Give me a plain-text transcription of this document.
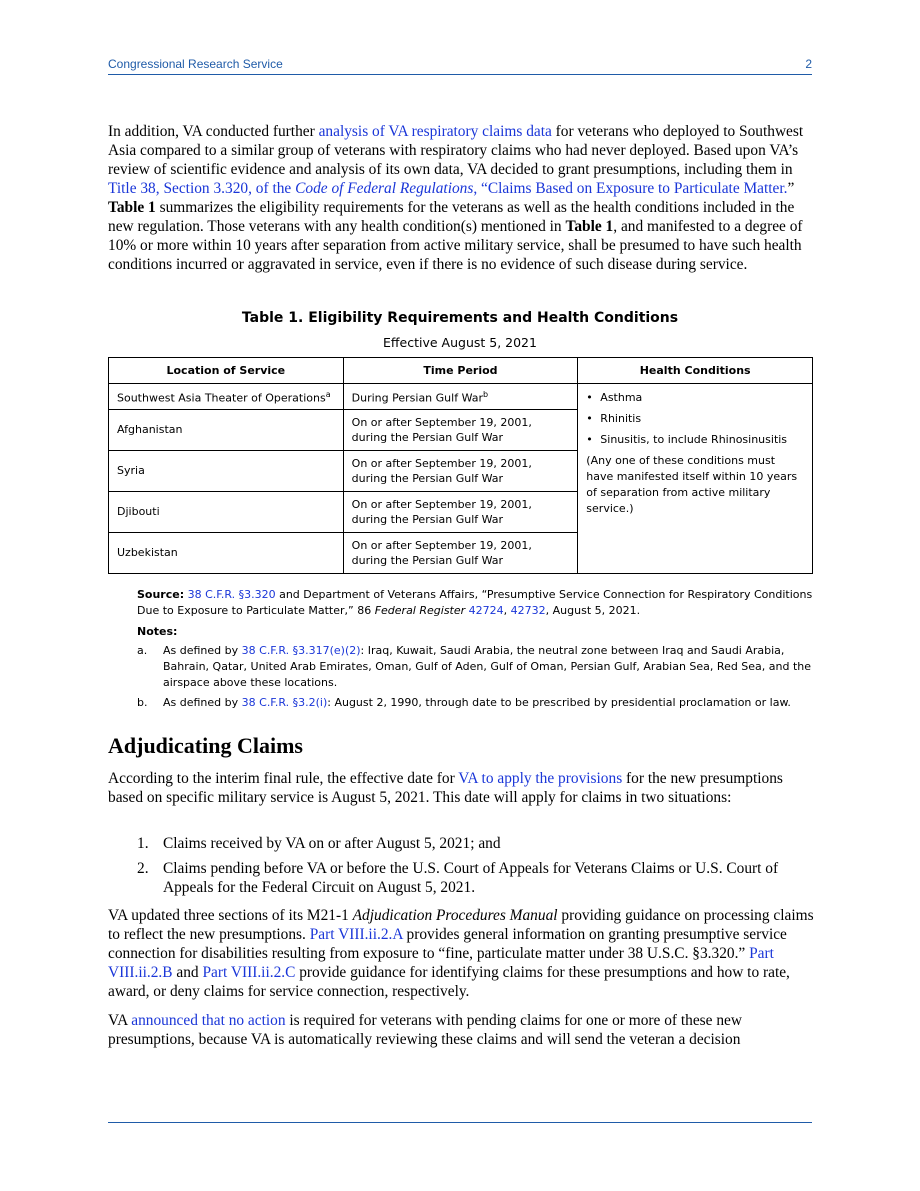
Congressional Research Service	2

In addition, VA conducted further analysis of VA respiratory claims data for veterans who deployed to Southwest Asia compared to a similar group of veterans with respiratory claims who had never deployed. Based upon VA’s review of scientific evidence and analysis of its own data, VA decided to grant presumptions, including them in Title 38, Section 3.320, of the Code of Federal Regulations, “Claims Based on Exposure to Particulate Matter.” Table 1 summarizes the eligibility requirements for the veterans as well as the health conditions included in the new regulation. Those veterans with any health condition(s) mentioned in Table 1, and manifested to a degree of 10% or more within 10 years after separation from active military service, shall be presumed to have such health conditions incurred or aggravated in service, even if there is no evidence of such disease during service.

Table 1. Eligibility Requirements and Health Conditions
Effective August 5, 2021
Location of Service	Time Period	Health Conditions
Southwest Asia Theater of Operations$^a$	During Persian Gulf War$^b$	• Asthma
• Rhinitis
• Sinusitis, to include Rhinosinusitis
(Any one of these conditions must have manifested itself within 10 years of separation from active military service.)

Afghanistan	On or after September 19, 2001, during the Persian Gulf War	
Syria	On or after September 19, 2001, during the Persian Gulf War	
Djibouti	On or after September 19, 2001, during the Persian Gulf War	
Uzbekistan	On or after September 19, 2001, during the Persian Gulf War	
Source: 38 C.F.R. §3.320 and Department of Veterans Affairs, “Presumptive Service Connection for Respiratory Conditions Due to Exposure to Particulate Matter,” 86 Federal Register 42724, 42732, August 5, 2021.
Notes:
a. As defined by 38 C.F.R. §3.317(e)(2): Iraq, Kuwait, Saudi Arabia, the neutral zone between Iraq and Saudi Arabia, Bahrain, Qatar, United Arab Emirates, Oman, Gulf of Aden, Gulf of Oman, Persian Gulf, Arabian Sea, Red Sea, and the airspace above these locations.
b. As defined by 38 C.F.R. §3.2(i): August 2, 1990, through date to be prescribed by presidential proclamation or law.
Adjudicating Claims

According to the interim final rule, the effective date for VA to apply the provisions for the new presumptions based on specific military service is August 5, 2021. This date will apply for claims in two situations:

1. Claims received by VA on or after August 5, 2021; and
2. Claims pending before VA or before the U.S. Court of Appeals for Veterans Claims or U.S. Court of Appeals for the Federal Circuit on August 5, 2021.

VA updated three sections of its M21-1 Adjudication Procedures Manual providing guidance on processing claims to reflect the new presumptions. Part VIII.ii.2.A provides general information on granting presumptive service connection for disabilities resulting from exposure to “fine, particulate matter under 38 U.S.C. §3.320.” Part VIII.ii.2.B and Part VIII.ii.2.C provide guidance for identifying claims for these presumptions and how to rate, award, or deny claims for service connection, respectively.

VA announced that no action is required for veterans with pending claims for one or more of these new presumptions, because VA is automatically reviewing these claims and will send the veteran a decision
